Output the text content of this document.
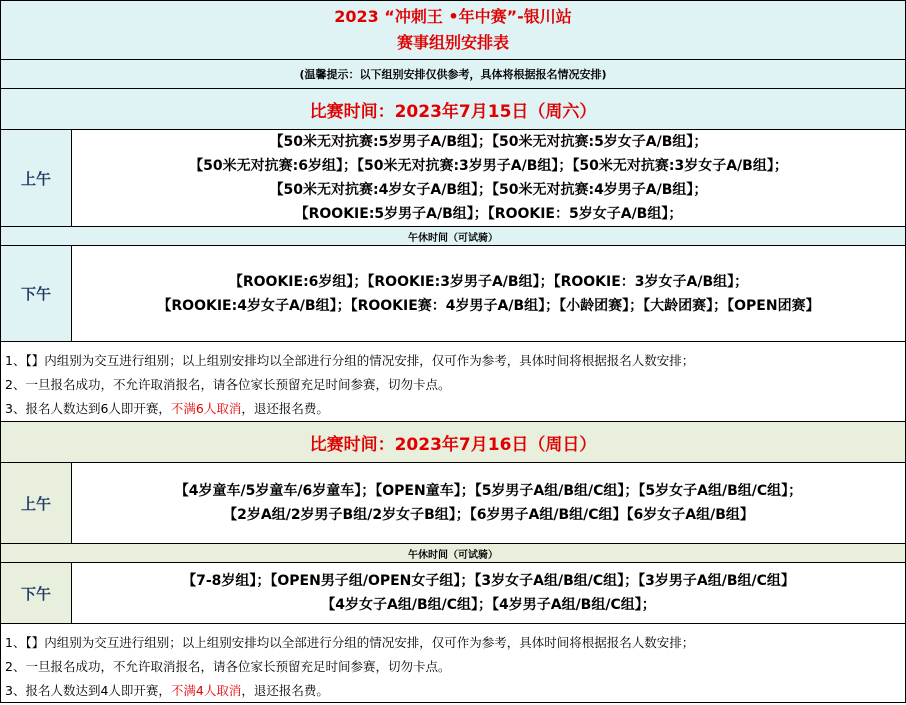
2023 “冲刺王 •年中赛”-银川站
赛事组别安排表
(温馨提示：以下组别安排仅供参考，具体将根据报名情况安排)
比赛时间：2023年7月15日（周六）
上午
【50米无对抗赛:5岁男子A/B组】；【50米无对抗赛:5岁女子A/B组】；
【50米无对抗赛:6岁组】；【50米无对抗赛:3岁男子A/B组】；【50米无对抗赛:3岁女子A/B组】；
【50米无对抗赛:4岁女子A/B组】；【50米无对抗赛:4岁男子A/B组】；
【ROOKIE:5岁男子A/B组】；【ROOKIE：5岁女子A/B组】；
午休时间（可试骑）
下午
【ROOKIE:6岁组】；【ROOKIE:3岁男子A/B组】；【ROOKIE：3岁女子A/B组】；
【ROOKIE:4岁女子A/B组】；【ROOKIE赛：4岁男子A/B组】；【小龄团赛】；【大龄团赛】；【OPEN团赛】
1、【】内组别为交互进行组别；以上组别安排均以全部进行分组的情况安排，仅可作为参考，具体时间将根据报名人数安排；
2、一旦报名成功，不允许取消报名，请各位家长预留充足时间参赛，切勿卡点。
3、报名人数达到6人即开赛，不满6人取消，退还报名费。
比赛时间：2023年7月16日（周日）
上午
【4岁童车/5岁童车/6岁童车】；【OPEN童车】；【5岁男子A组/B组/C组】；【5岁女子A组/B组/C组】；
【2岁A组/2岁男子B组/2岁女子B组】；【6岁男子A组/B组/C组】【6岁女子A组/B组】
午休时间（可试骑）
下午
【7-8岁组】；【OPEN男子组/OPEN女子组】；【3岁女子A组/B组/C组】；【3岁男子A组/B组/C组】
【4岁女子A组/B组/C组】；【4岁男子A组/B组/C组】；
1、【】内组别为交互进行组别；以上组别安排均以全部进行分组的情况安排，仅可作为参考，具体时间将根据报名人数安排；
2、一旦报名成功，不允许取消报名，请各位家长预留充足时间参赛，切勿卡点。
3、报名人数达到4人即开赛，不满4人取消，退还报名费。
